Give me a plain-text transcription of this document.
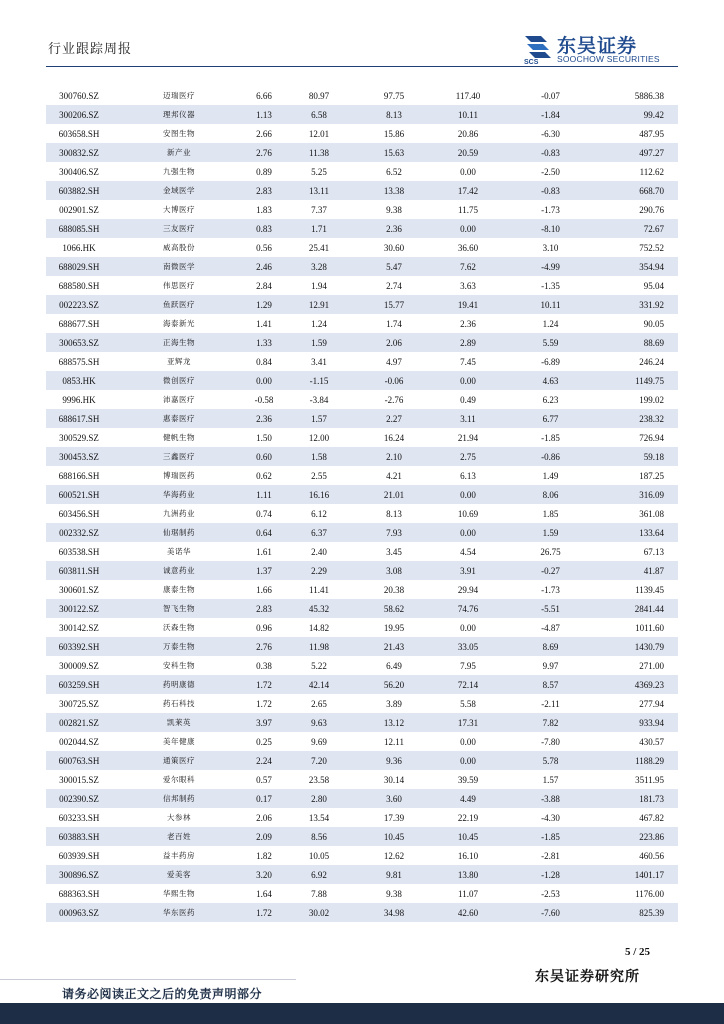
行业跟踪周报
SCS
东吴证券
SOOCHOW SECURITIES
300760.SZ	迈瑞医疗	6.66	80.97	97.75	117.40	-0.07	5886.38
300206.SZ	理邦仪器	1.13	6.58	8.13	10.11	-1.84	99.42
603658.SH	安图生物	2.66	12.01	15.86	20.86	-6.30	487.95
300832.SZ	新产业	2.76	11.38	15.63	20.59	-0.83	497.27
300406.SZ	九强生物	0.89	5.25	6.52	0.00	-2.50	112.62
603882.SH	金域医学	2.83	13.11	13.38	17.42	-0.83	668.70
002901.SZ	大博医疗	1.83	7.37	9.38	11.75	-1.73	290.76
688085.SH	三友医疗	0.83	1.71	2.36	0.00	-8.10	72.67
1066.HK	威高股份	0.56	25.41	30.60	36.60	3.10	752.52
688029.SH	南微医学	2.46	3.28	5.47	7.62	-4.99	354.94
688580.SH	伟思医疗	2.84	1.94	2.74	3.63	-1.35	95.04
002223.SZ	鱼跃医疗	1.29	12.91	15.77	19.41	10.11	331.92
688677.SH	海泰新光	1.41	1.24	1.74	2.36	1.24	90.05
300653.SZ	正海生物	1.33	1.59	2.06	2.89	5.59	88.69
688575.SH	亚辉龙	0.84	3.41	4.97	7.45	-6.89	246.24
0853.HK	微创医疗	0.00	-1.15	-0.06	0.00	4.63	1149.75
9996.HK	沛嘉医疗	-0.58	-3.84	-2.76	0.49	6.23	199.02
688617.SH	惠泰医疗	2.36	1.57	2.27	3.11	6.77	238.32
300529.SZ	健帆生物	1.50	12.00	16.24	21.94	-1.85	726.94
300453.SZ	三鑫医疗	0.60	1.58	2.10	2.75	-0.86	59.18
688166.SH	博瑞医药	0.62	2.55	4.21	6.13	1.49	187.25
600521.SH	华海药业	1.11	16.16	21.01	0.00	8.06	316.09
603456.SH	九洲药业	0.74	6.12	8.13	10.69	1.85	361.08
002332.SZ	仙琚制药	0.64	6.37	7.93	0.00	1.59	133.64
603538.SH	美诺华	1.61	2.40	3.45	4.54	26.75	67.13
603811.SH	诚意药业	1.37	2.29	3.08	3.91	-0.27	41.87
300601.SZ	康泰生物	1.66	11.41	20.38	29.94	-1.73	1139.45
300122.SZ	智飞生物	2.83	45.32	58.62	74.76	-5.51	2841.44
300142.SZ	沃森生物	0.96	14.82	19.95	0.00	-4.87	1011.60
603392.SH	万泰生物	2.76	11.98	21.43	33.05	8.69	1430.79
300009.SZ	安科生物	0.38	5.22	6.49	7.95	9.97	271.00
603259.SH	药明康德	1.72	42.14	56.20	72.14	8.57	4369.23
300725.SZ	药石科技	1.72	2.65	3.89	5.58	-2.11	277.94
002821.SZ	凯莱英	3.97	9.63	13.12	17.31	7.82	933.94
002044.SZ	美年健康	0.25	9.69	12.11	0.00	-7.80	430.57
600763.SH	通策医疗	2.24	7.20	9.36	0.00	5.78	1188.29
300015.SZ	爱尔眼科	0.57	23.58	30.14	39.59	1.57	3511.95
002390.SZ	信邦制药	0.17	2.80	3.60	4.49	-3.88	181.73
603233.SH	大参林	2.06	13.54	17.39	22.19	-4.30	467.82
603883.SH	老百姓	2.09	8.56	10.45	10.45	-1.85	223.86
603939.SH	益丰药房	1.82	10.05	12.62	16.10	-2.81	460.56
300896.SZ	爱美客	3.20	6.92	9.81	13.80	-1.28	1401.17
688363.SH	华熙生物	1.64	7.88	9.38	11.07	-2.53	1176.00
000963.SZ	华东医药	1.72	30.02	34.98	42.60	-7.60	825.39
5 / 25
东吴证券研究所
请务必阅读正文之后的免责声明部分
